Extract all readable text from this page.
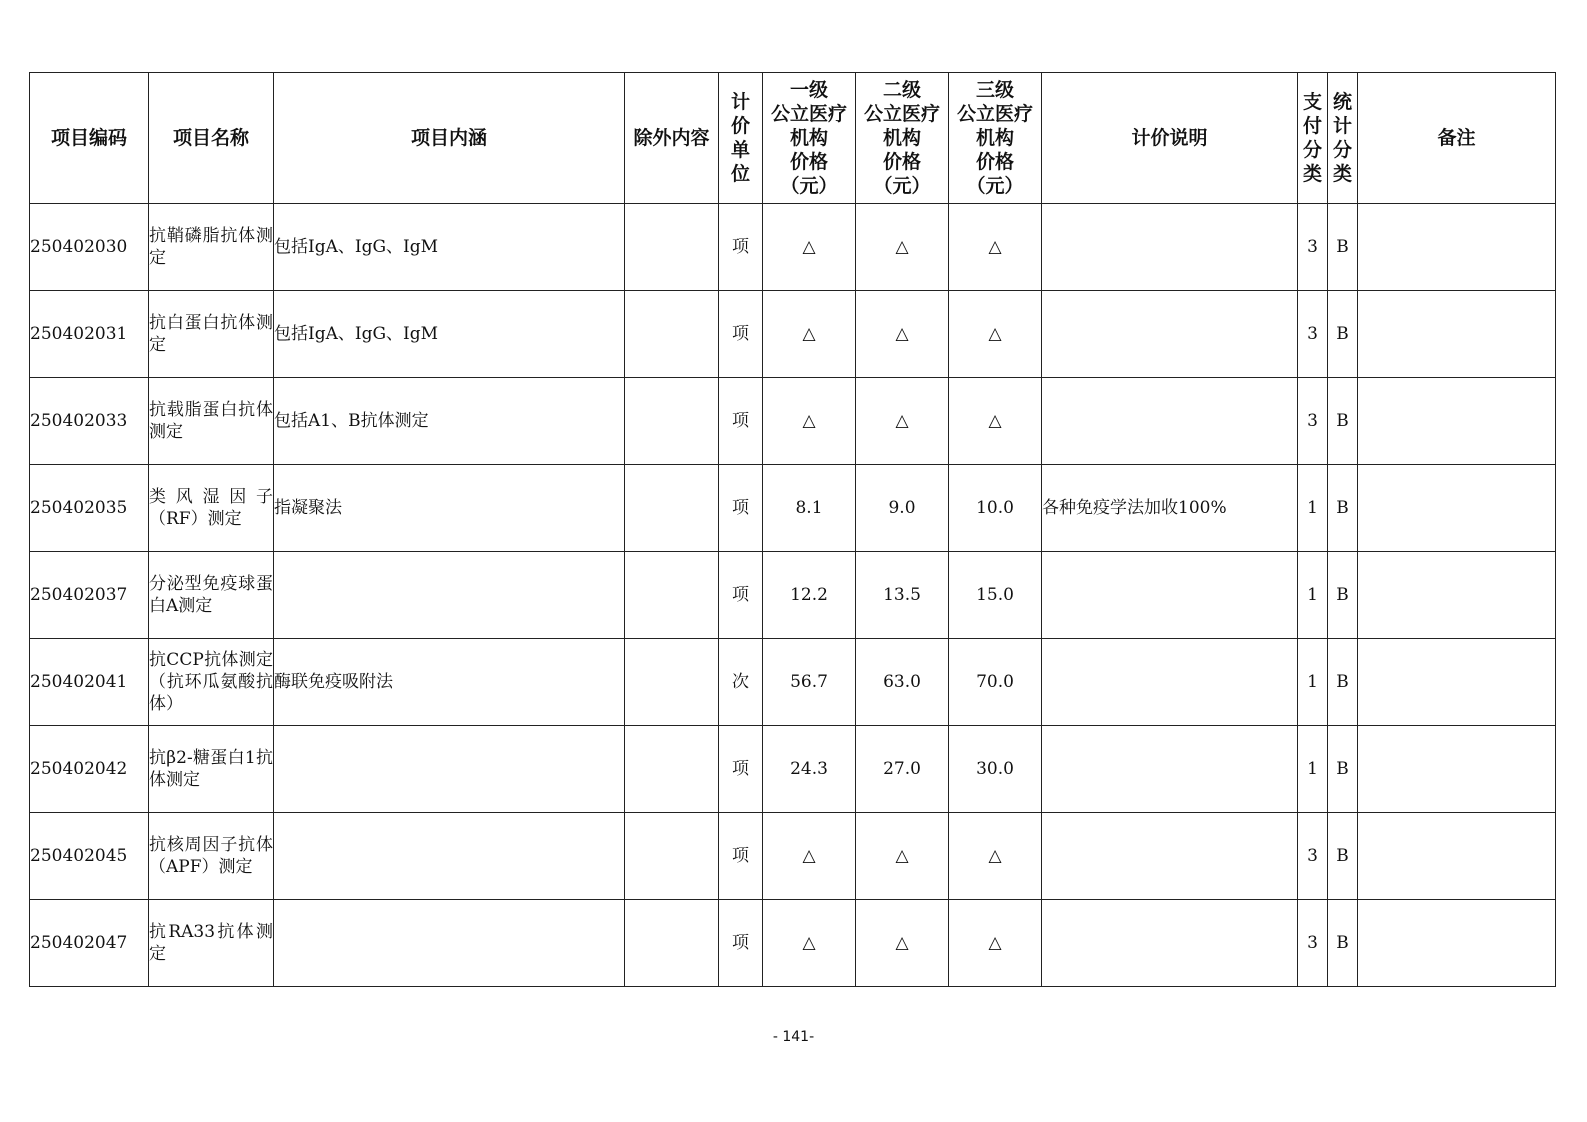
项目编码	项目名称	项目内涵	除外内容	计价单位	一级
公立医疗
机构
价格
（元）	二级
公立医疗
机构
价格
（元）	三级
公立医疗
机构
价格
（元）	计价说明	支付分类	统计分类	备注
250402030	抗鞘磷脂抗体测定	包括IgA、IgG、IgM		项	△	△	△		3	B	
250402031	抗白蛋白抗体测定	包括IgA、IgG、IgM		项	△	△	△		3	B	
250402033	抗载脂蛋白抗体测定	包括A1、B抗体测定		项	△	△	△		3	B	
250402035	类风湿因子（RF）测定	指凝聚法		项	8.1	9.0	10.0	各种免疫学法加收100%	1	B	
250402037	分泌型免疫球蛋白A测定			项	12.2	13.5	15.0		1	B	
250402041	抗CCP抗体测定（抗环瓜氨酸抗体）	酶联免疫吸附法		次	56.7	63.0	70.0		1	B	
250402042	抗β2-糖蛋白1抗体测定			项	24.3	27.0	30.0		1	B	
250402045	抗核周因子抗体（APF）测定			项	△	△	△		3	B	
250402047	抗RA33抗体测定			项	△	△	△		3	B	
- 141-
